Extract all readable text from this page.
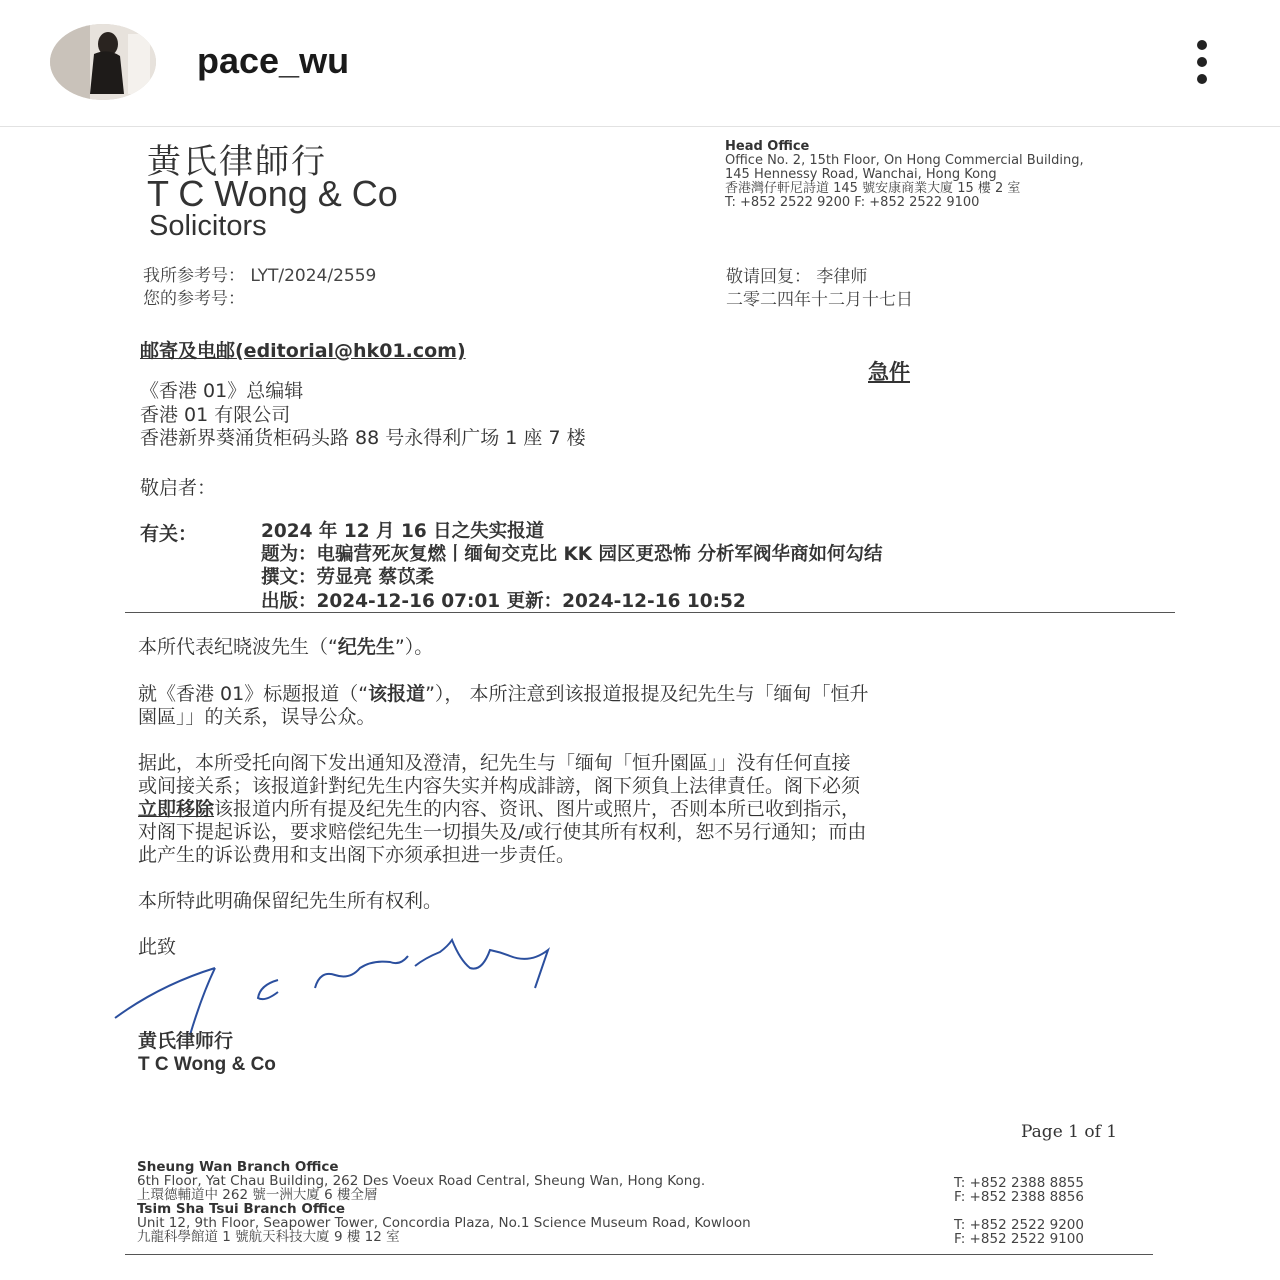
pace_wu
黃氏律師行
T C Wong & Co
Solicitors
Head Office
Office No. 2, 15th Floor, On Hong Commercial Building,
145 Hennessy Road, Wanchai, Hong Kong
香港灣仔軒尼詩道 145 號安康商業大廈 15 樓 2 室
T: +852 2522 9200 F: +852 2522 9100
我所参考号： LYT/2024/2559
您的参考号：
敬请回复： 李律师
二零二四年十二月十七日
邮寄及电邮(editorial@hk01.com)
急件
《香港 01》总编辑
香港 01 有限公司
香港新界葵涌货柜码头路 88 号永得利广场 1 座 7 楼
敬启者：
有关：	2024 年 12 月 16 日之失实报道
题为：电骗营死灰复燃丨缅甸交克比 KK 园区更恐怖 分析军阀华商如何勾结
撰文：劳显亮 蔡苡柔
出版：2024-12-16 07:01 更新：2024-12-16 10:52
本所代表纪晓波先生（“纪先生”）。
就《香港 01》标题报道（“该报道”）， 本所注意到该报道报提及纪先生与「缅甸「恒升
園區」」的关系，误导公众。
据此，本所受托向阁下发出通知及澄清，纪先生与「缅甸「恒升園區」」没有任何直接
或间接关系；该报道針對纪先生内容失实并构成誹謗，阁下须負上法律責任。阁下必须
立即移除该报道内所有提及纪先生的内容、资讯、图片或照片，否则本所已收到指示，
对阁下提起诉讼，要求赔偿纪先生一切損失及/或行使其所有权利，恕不另行通知；而由
此产生的诉讼费用和支出阁下亦须承担进一步责任。
本所特此明确保留纪先生所有权利。
此致
黄氏律师行
T C Wong & Co
Page 1 of 1
Sheung Wan Branch Office
6th Floor, Yat Chau Building, 262 Des Voeux Road Central, Sheung Wan, Hong Kong.
上環德輔道中 262 號一洲大廈 6 樓全層
Tsim Sha Tsui Branch Office
Unit 12, 9th Floor, Seapower Tower, Concordia Plaza, No.1 Science Museum Road, Kowloon
九龍科學館道 1 號航天科技大廈 9 樓 12 室
T: +852 2388 8855
F: +852 2388 8856
T: +852 2522 9200
F: +852 2522 9100
